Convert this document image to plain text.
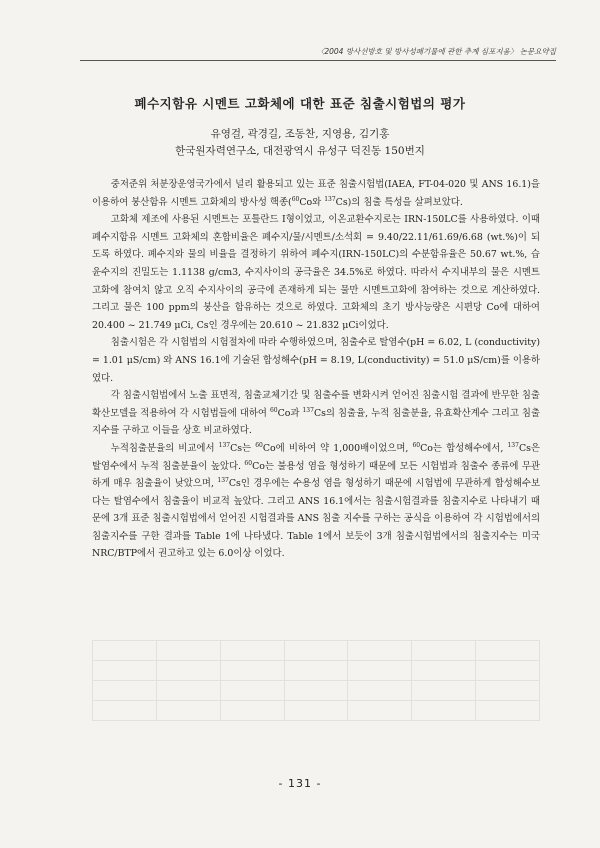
〈2004 방사선방호 및 방사성폐기물에 관한 추계 심포지움〉 논문요약집
폐수지함유 시멘트 고화체에 대한 표준 침출시험법의 평가
유영걸, 곽경길, 조동찬, 지영용, 김기홍
한국원자력연구소, 대전광역시 유성구 덕진동 150번지

중저준위 처분장운영국가에서 널리 활용되고 있는 표준 침출시험법(IAEA, FT-04-020 및 ANS 16.1)을 이용하여 붕산함유 시멘트 고화체의 방사성 핵종($^{60}$Co와 $^{137}$Cs)의 침출 특성을 살펴보았다.

고화체 제조에 사용된 시멘트는 포틀란드 I형이었고, 이온교환수지로는 IRN-150LC를 사용하였다. 이때 폐수지함유 시멘트 고화체의 혼합비율은 폐수지/물/시멘트/소석회 = 9.40/22.11/61.69/6.68 (wt.%)이 되도록 하였다. 폐수지와 물의 비율을 결정하기 위하여 폐수지(IRN-150LC)의 수분함유율은 50.67 wt.%, 습윤수지의 진밀도는 1.1138 g/cm3, 수지사이의 공극율은 34.5%로 하였다. 따라서 수지내부의 물은 시멘트 고화에 참여치 않고 오직 수지사이의 공극에 존재하게 되는 물만 시멘트고화에 참여하는 것으로 계산하였다. 그리고 물은 100 ppm의 붕산을 함유하는 것으로 하였다. 고화체의 초기 방사능량은 시편당 Co에 대하여 20.400 ~ 21.749 μCi, Cs인 경우에는 20.610 ~ 21.832 μCi이었다.

침출시험은 각 시험법의 시험절차에 따라 수행하였으며, 침출수로 탈염수(pH = 6.02, L (conductivity) = 1.01 μS/cm) 와 ANS 16.1에 기술된 합성해수(pH = 8.19, L(conductivity) = 51.0 μS/cm)를 이용하였다.

각 침출시험법에서 노출 표면적, 침출교체기간 및 침출수를 변화시켜 얻어진 침출시험 결과에 반무한 침출 확산모델을 적용하여 각 시험법들에 대하여 $^{60}$Co과 $^{137}$Cs의 침출율, 누적 침출분율, 유효확산계수 그리고 침출지수를 구하고 이들을 상호 비교하였다.

누적침출분율의 비교에서 $^{137}$Cs는 $^{60}$Co에 비하여 약 1,000배이었으며, $^{60}$Co는 합성해수에서, $^{137}$Cs은 탈염수에서 누적 침출분율이 높았다. $^{60}$Co는 불용성 염을 형성하기 때문에 모든 시험법과 침출수 종류에 무관하게 매우 침출율이 낮았으며, $^{137}$Cs인 경우에는 수용성 염을 형성하기 때문에 시험법에 무관하게 합성해수보다는 탈염수에서 침출율이 비교적 높았다. 그리고 ANS 16.1에서는 침출시험결과를 침출지수로 나타내기 때문에 3개 표준 침출시험법에서 얻어진 시험결과를 ANS 침출 지수를 구하는 공식을 이용하여 각 시험법에서의 침출지수를 구한 결과를 Table 1에 나타냈다. Table 1에서 보듯이 3개 침출시험법에서의 침출지수는 미국 NRC/BTP에서 권고하고 있는 6.0이상 이었다.

- 131 -
